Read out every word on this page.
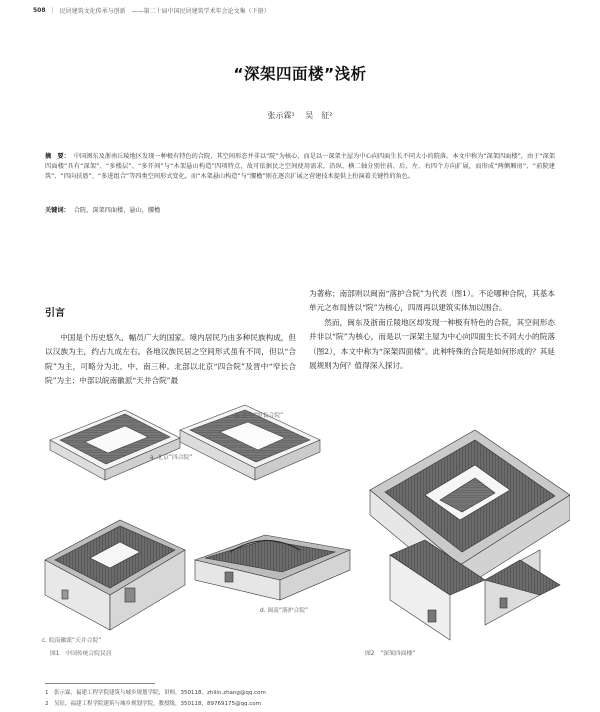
508 | 民居建筑文化传承与创新 ——第二十届中国民居建筑学术年会论文集（下册）
“深架四面楼”浅析
张示霖¹ 吴　征²
摘　要： 中国闽东及浙南丘陵地区发现一种极有特色的合院，其空间形态并非以“院”为核心，而是以一深架主屋为中心向四面生长不同大小的院落。本文中称为“深架四面楼”，由于“深架四面楼”具有“深架”、“多楼层”、“多开间”与“木架悬山构造”四项特点，故可依据民之空间使用需求，沿纵、横二轴分别往前、后、左、右四个方向扩展，而形成“两侧厢房”、“前院建筑”、“四向扶厝”、“多进组合”等四类空间形式变化。而“木架悬山构造”与“腰檐”则在逐次扩展之营建技术提供上扮演着关键性的角色。
关键词： 合院，深架四面楼，悬山，腰檐
引言

中国是个历史悠久、幅员广大的国家。境内居民乃由多种民族构成，但以汉族为主，约占九成左右。各地汉族民居之空间形式虽有不同，但以“合院”为主，可略分为北、中、南三种。北部以北京“四合院”及晋中“窄长合院”为主；中部以皖南徽派“天井合院”最

为著称；南部则以闽南“落护合院”为代表（图1）。不论哪种合院，其基本单元之布局皆以“院”为核心，四周再以建筑实体加以围合。

然而，闽东及浙南丘陵地区却发现一种极有特色的合院，其空间形态并非以“院”为核心，而是以一深架主屋为中心向四面生长不同大小的院落（图2），本文中称为“深架四面楼”。此种特殊的合院是如何形成的？其延展规则为何？值得深入探讨。

a. 北京“四合院”
b. 晋中“窄长合院”
c. 皖南徽派“天井合院”
d. 闽南“落护合院”
图1　中国传统合院民居	图2　“深架四面楼”
1　张示霖，福建工程学院建筑与城乡规划学院，讲师，350118，zhilin.zhang@qq.com
2　吴征，福建工程学院建筑与城乡规划学院，教授级，350118，89769175@qq.com
